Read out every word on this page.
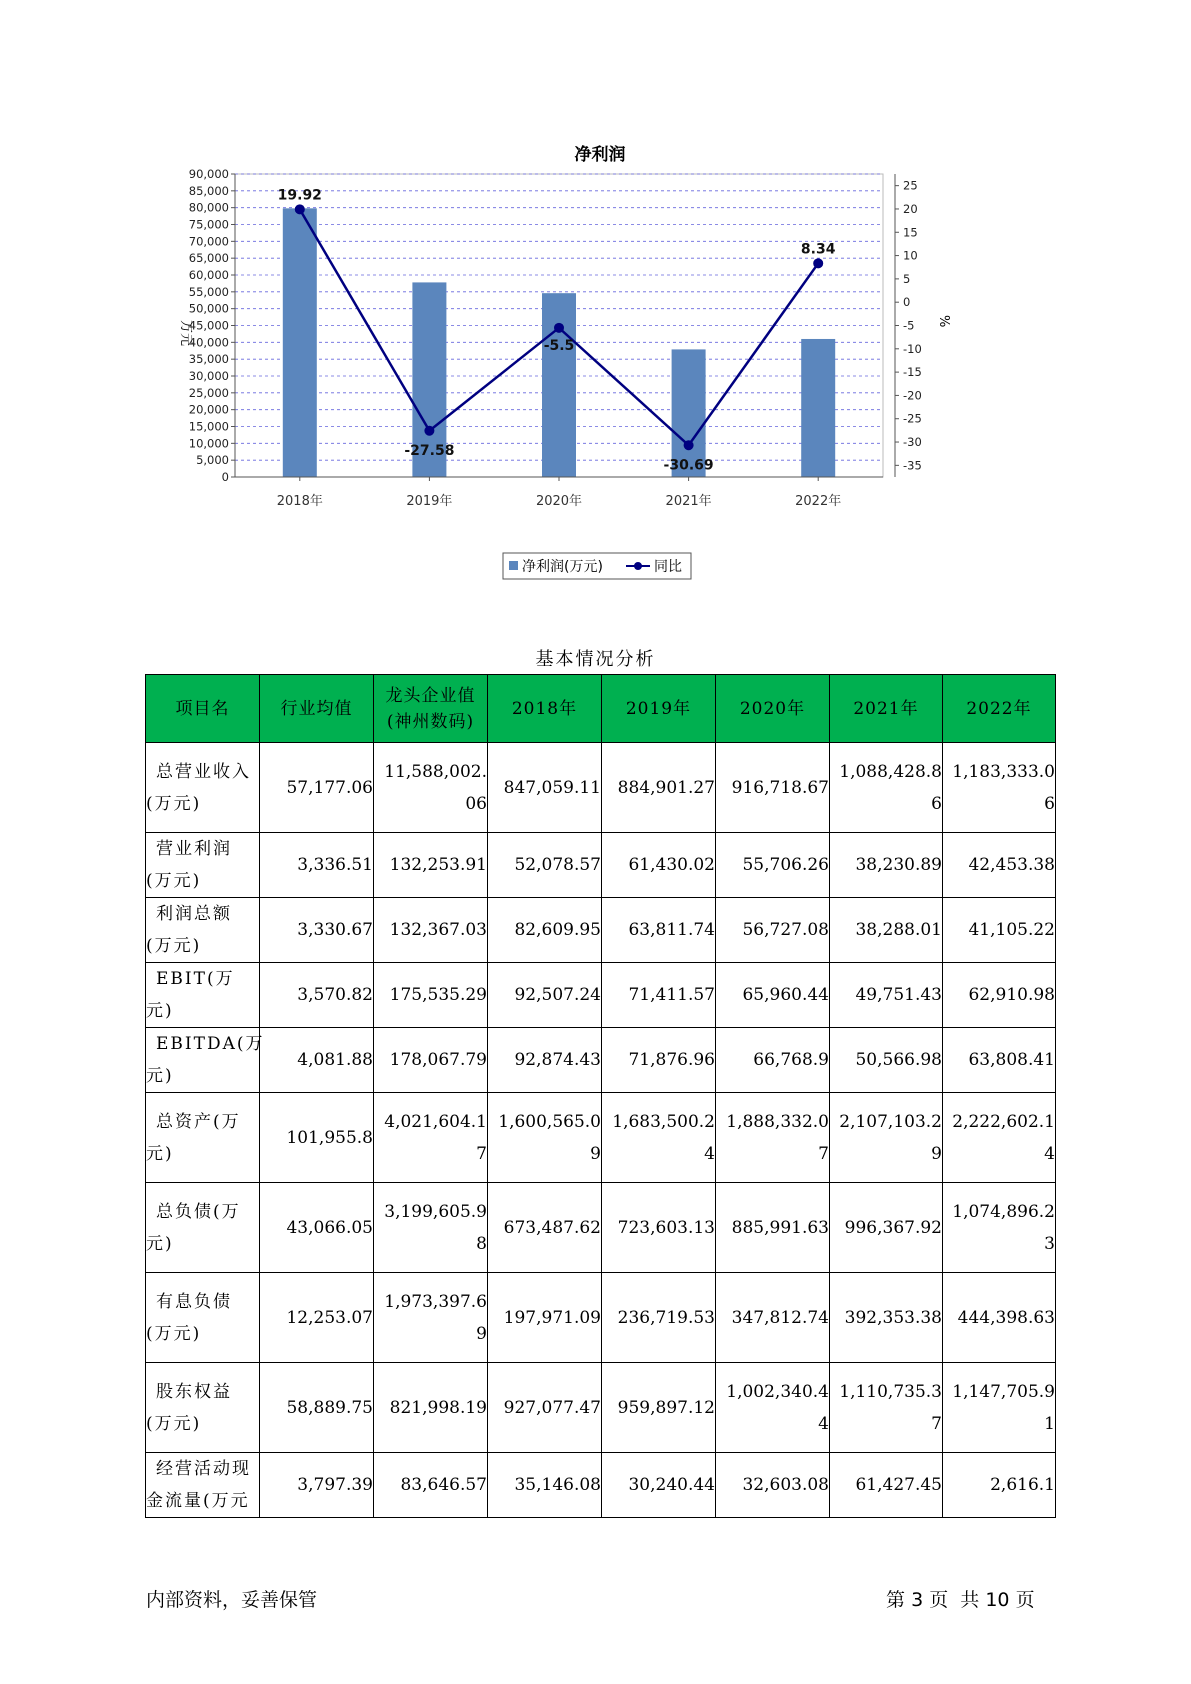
净利润
19.92
-27.58
-5.5
-30.69
8.34
0
5,000
10,000
15,000
20,000
25,000
30,000
35,000
40,000
45,000
50,000
55,000
60,000
65,000
70,000
75,000
80,000
85,000
90,000
25
20
15
10
5
0
-5
-10
-15
-20
-25
-30
-35
2018年	2019年	2020年	2021年	2022年
万元	%
净利润(万元)	同比
基本情况分析
项目名	行业均值	龙头企业值(神州数码)	2018年	2019年	2020年	2021年	2022年
总营业收入(万元)	57,177.06	11,588,002.06	847,059.11	884,901.27	916,718.67	1,088,428.86	1,183,333.06
营业利润(万元)	3,336.51	132,253.91	52,078.57	61,430.02	55,706.26	38,230.89	42,453.38
利润总额(万元)	3,330.67	132,367.03	82,609.95	63,811.74	56,727.08	38,288.01	41,105.22
EBIT(万元)	3,570.82	175,535.29	92,507.24	71,411.57	65,960.44	49,751.43	62,910.98
EBITDA(万元)	4,081.88	178,067.79	92,874.43	71,876.96	66,768.9	50,566.98	63,808.41
总资产(万元)	101,955.8	4,021,604.17	1,600,565.09	1,683,500.24	1,888,332.07	2,107,103.29	2,222,602.14
总负债(万元)	43,066.05	3,199,605.98	673,487.62	723,603.13	885,991.63	996,367.92	1,074,896.23
有息负债(万元)	12,253.07	1,973,397.69	197,971.09	236,719.53	347,812.74	392,353.38	444,398.63
股东权益(万元)	58,889.75	821,998.19	927,077.47	959,897.12	1,002,340.44	1,110,735.37	1,147,705.91
经营活动现金流量(万元	3,797.39	83,646.57	35,146.08	30,240.44	32,603.08	61,427.45	2,616.1
内部资料，妥善保管	第 3 页  共 10 页
